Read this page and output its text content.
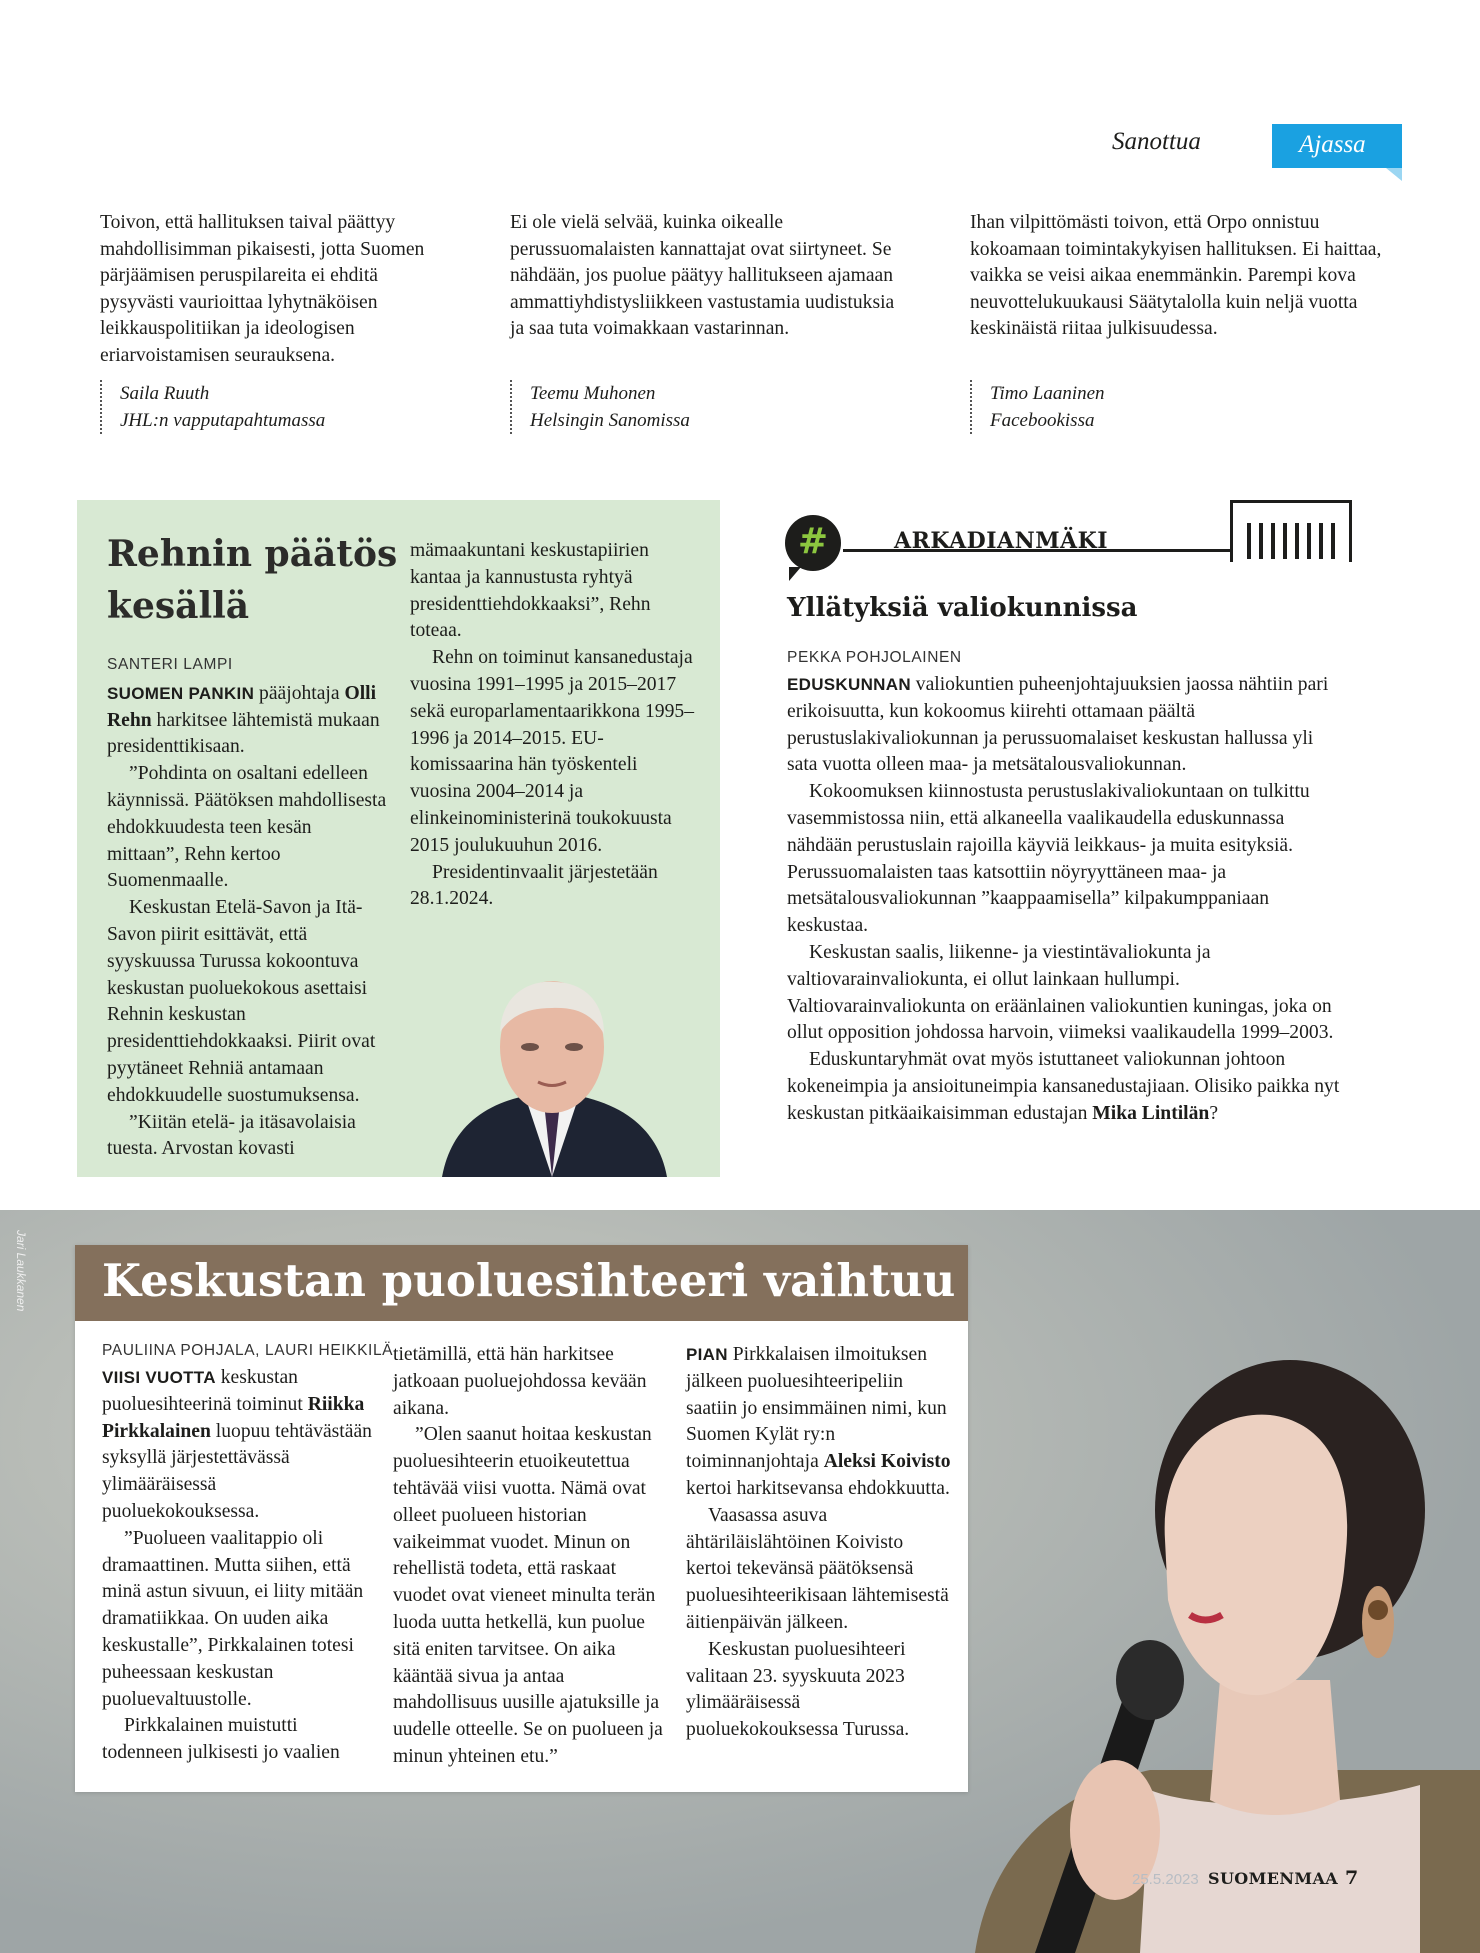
Sanottua	Ajassa
Toivon, että hallituksen taival päättyy mahdollisimman pikaisesti, jotta Suomen pärjäämisen peruspilareita ei ehditä pysyvästi vaurioittaa lyhytnäköisen leikkauspolitiikan ja ideologisen eriarvoistamisen seurauksena.
Saila Ruuth
JHL:n vapputapahtumassa
Ei ole vielä selvää, kuinka oikealle perussuomalaisten kannattajat ovat siirtyneet. Se nähdään, jos puolue päätyy hallitukseen ajamaan ammattiyhdistysliikkeen vastustamia uudistuksia ja saa tuta voimakkaan vastarinnan.
Teemu Muhonen
Helsingin Sanomissa
Ihan vilpittömästi toivon, että Orpo onnistuu kokoamaan toimintakykyisen hallituksen. Ei haittaa, vaikka se veisi aikaa enemmänkin. Parempi kova neuvottelukuukausi Säätytalolla kuin neljä vuotta keskinäistä riitaa julkisuudessa.
Timo Laaninen
Facebookissa
Rehnin päätös kesällä
SANTERI LAMPI

SUOMEN PANKIN pääjohtaja Olli Rehn harkitsee lähtemistä mukaan presidenttikisaan.

”Pohdinta on osaltani edelleen käynnissä. Päätöksen mahdollisesta ehdokkuudesta teen kesän mittaan”, Rehn kertoo Suomenmaalle.

Keskustan Etelä-Savon ja Itä-Savon piirit esittävät, että syyskuussa Turussa kokoontuva keskustan puoluekokous asettaisi Rehnin keskustan presidenttiehdokkaaksi. Piirit ovat pyytäneet Rehniä antamaan ehdokkuudelle suostumuksensa.

”Kiitän etelä- ja itäsavolaisia tuesta. Arvostan kovasti

mämaakuntani keskustapiirien kantaa ja kannustusta ryhtyä presidenttiehdokkaaksi”, Rehn toteaa.

Rehn on toiminut kansanedustaja vuosina 1991–1995 ja 2015–2017 sekä europarlamentaarikkona 1995–1996 ja 2014–2015. EU-komissaarina hän työskenteli vuosina 2004–2014 ja elinkeinoministerinä toukokuusta 2015 joulukuuhun 2016.

Presidentinvaalit järjestetään 28.1.2024.

#	ARKADIANMÄKI
Yllätyksiä valiokunnissa
PEKKA POHJOLAINEN

EDUSKUNNAN valiokuntien puheenjohtajuuksien jaossa nähtiin pari erikoisuutta, kun kokoomus kiirehti ottamaan päältä perustuslakivaliokunnan ja perussuomalaiset keskustan hallussa yli sata vuotta olleen maa- ja metsätalousvaliokunnan.

Kokoomuksen kiinnostusta perustuslakivaliokuntaan on tulkittu vasemmistossa niin, että alkaneella vaalikaudella eduskunnassa nähdään perustuslain rajoilla käyviä leikkaus- ja muita esityksiä. Perussuomalaisten taas katsottiin nöyryyttäneen maa- ja metsätalousvaliokunnan ”kaappaamisella” kilpakumppaniaan keskustaa.

Keskustan saalis, liikenne- ja viestintävaliokunta ja valtiovarainvaliokunta, ei ollut lainkaan hullumpi. Valtiovarainvaliokunta on eräänlainen valiokuntien kuningas, joka on ollut opposition johdossa harvoin, viimeksi vaalikaudella 1999–2003.

Eduskuntaryhmät ovat myös istuttaneet valiokunnan johtoon kokeneimpia ja ansioituneimpia kansanedustajiaan. Olisiko paikka nyt keskustan pitkäaikaisimman edustajan Mika Lintilän?

Jari Laukkanen Keskustan puoluesihteeri vaihtuu
PAULIINA POHJALA, LAURI HEIKKILÄ

VIISI VUOTTA keskustan puoluesihteerinä toiminut Riikka Pirkkalainen luopuu tehtävästään syksyllä järjestettävässä ylimääräisessä puoluekokouksessa.

”Puolueen vaalitappio oli dramaattinen. Mutta siihen, että minä astun sivuun, ei liity mitään dramatiikkaa. On uuden aika keskustalle”, Pirkkalainen totesi puheessaan keskustan puoluevaltuustolle.

Pirkkalainen muistutti todenneen julkisesti jo vaalien

tietämillä, että hän harkitsee jatkoaan puoluejohdossa kevään aikana.

”Olen saanut hoitaa keskustan puoluesihteerin etuoikeutettua tehtävää viisi vuotta. Nämä ovat olleet puolueen historian vaikeimmat vuodet. Minun on rehellistä todeta, että raskaat vuodet ovat vieneet minulta terän luoda uutta hetkellä, kun puolue sitä eniten tarvitsee. On aika kääntää sivua ja antaa mahdollisuus uusille ajatuksille ja uudelle otteelle. Se on puolueen ja minun yhteinen etu.”

PIAN Pirkkalaisen ilmoituksen jälkeen puoluesihteeripeliin saatiin jo ensimmäinen nimi, kun Suomen Kylät ry:n toiminnanjohtaja Aleksi Koivisto kertoi harkitsevansa ehdokkuutta.

Vaasassa asuva ähtäriläislähtöinen Koivisto kertoi tekevänsä päätöksensä puoluesihteerikisaan lähtemisestä äitienpäivän jälkeen.

Keskustan puoluesihteeri valitaan 23. syyskuuta 2023 ylimääräisessä puoluekokouksessa Turussa.

25.5.2023 SUOMENMAA 7
